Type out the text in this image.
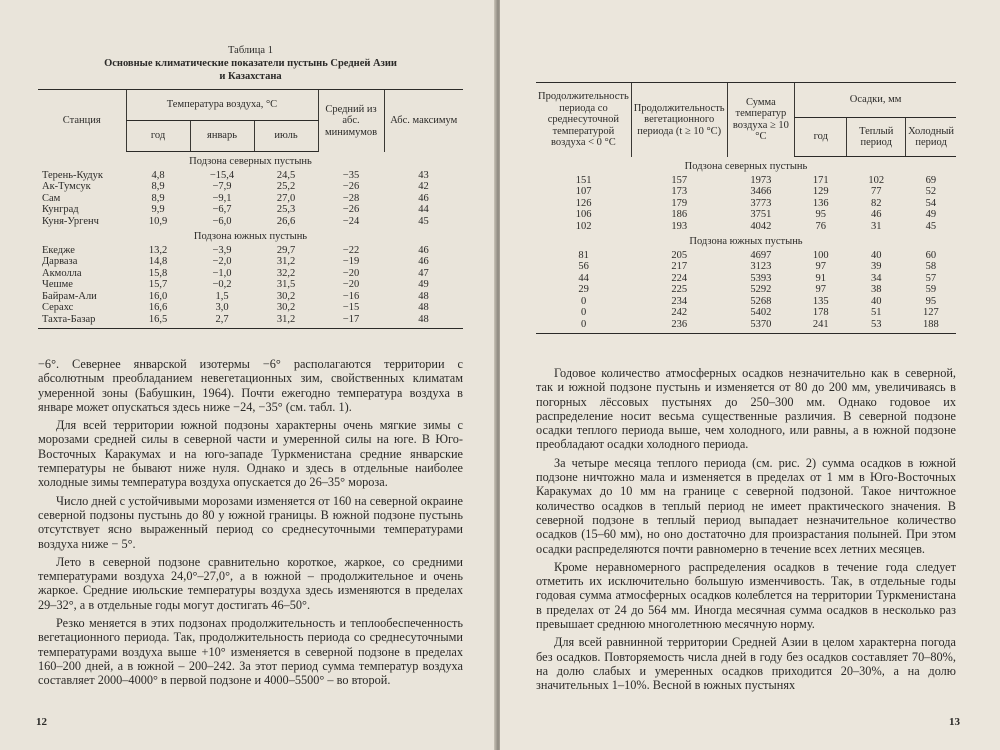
Таблица 1

Основные климатические показатели пустынь Средней Азии

и Казахстана

Станция	Температура воздуха, °С			Средний из абс. минимумов	Абс. максимум
	год	январь	июль		
Подзона северных пустынь					
Терень-Кудук	4,8	−15,4	24,5	−35	43
Ак-Тумсук	8,9	−7,9	25,2	−26	42
Сам	8,9	−9,1	27,0	−28	46
Кунград	9,9	−6,7	25,3	−26	44
Куня-Ургенч	10,9	−6,0	26,6	−24	45
Подзона южных пустынь					
Екедже	13,2	−3,9	29,7	−22	46
Дарваза	14,8	−2,0	31,2	−19	46
Акмолла	15,8	−1,0	32,2	−20	47
Чешме	15,7	−0,2	31,5	−20	49
Байрам-Али	16,0	1,5	30,2	−16	48
Серахс	16,6	3,0	30,2	−15	48
Тахта-Базар	16,5	2,7	31,2	−17	48

−6°. Севернее январской изотермы −6° располагаются территории с абсолютным преобладанием невегетационных зим, свойственных климатам умеренной зоны (Бабушкин, 1964). Почти ежегодно температура воздуха в январе может опускаться здесь ниже −24, −35° (см. табл. 1).

Для всей территории южной подзоны характерны очень мягкие зимы с морозами средней силы в северной части и умеренной силы на юге. В Юго-Восточных Каракумах и на юго-западе Туркменистана средние январские температуры не бывают ниже нуля. Однако и здесь в отдельные наиболее холодные зимы температура воздуха опускается до 26–35° мороза.

Число дней с устойчивыми морозами изменяется от 160 на северной окраине северной подзоны пустынь до 80 у южной границы. В южной подзоне пустынь отсутствует ясно выраженный период со среднесуточными температурами воздуха ниже − 5°.

Лето в северной подзоне сравнительно короткое, жаркое, со средними температурами воздуха 24,0°–27,0°, а в южной – продолжительное и очень жаркое. Средние июльские температуры воздуха здесь изменяются в пределах 29–32°, а в отдельные годы могут достигать 46–50°.

Резко меняется в этих подзонах продолжительность и теплообеспеченность вегетационного периода. Так, продолжительность периода со среднесуточными температурами воздуха выше +10° изменяется в северной подзоне в пределах 160–200 дней, а в южной – 200–242. За этот период сумма температур воздуха составляет 2000–4000° в первой подзоне и 4000–5500° – во второй.

12
Продолжительность периода со среднесуточной температурой воздуха < 0 °С	Продолжительность вегетационного периода (t ≥ 10 °С)	Сумма температур воздуха ≥ 10 °С	Осадки, мм		
			год	Теплый период	Холодный период
Подзона северных пустынь					
151	157	1973	171	102	69
107	173	3466	129	77	52
126	179	3773	136	82	54
106	186	3751	95	46	49
102	193	4042	76	31	45
Подзона южных пустынь					
81	205	4697	100	40	60
56	217	3123	97	39	58
44	224	5393	91	34	57
29	225	5292	97	38	59
0	234	5268	135	40	95
0	242	5402	178	51	127
0	236	5370	241	53	188

Годовое количество атмосферных осадков незначительно как в северной, так и южной подзоне пустынь и изменяется от 80 до 200 мм, увеличиваясь в погорных лёссовых пустынях до 250–300 мм. Однако годовое их распределение носит весьма существенные различия. В северной подзоне осадки теплого периода выше, чем холодного, или равны, а в южной подзоне преобладают осадки холодного периода.

За четыре месяца теплого периода (см. рис. 2) сумма осадков в южной подзоне ничтожно мала и изменяется в пределах от 1 мм в Юго-Восточных Каракумах до 10 мм на границе с северной подзоной. Такое ничтожное количество осадков в теплый период не имеет практического значения. В северной подзоне в теплый период выпадает незначительное количество осадков (15–60 мм), но оно достаточно для произрастания полыней. При этом осадки распределяются почти равномерно в течение всех летних месяцев.

Кроме неравномерного распределения осадков в течение года следует отметить их исключительно большую изменчивость. Так, в отдельные годы годовая сумма атмосферных осадков колеблется на территории Туркменистана в пределах от 24 до 564 мм. Иногда месячная сумма осадков в несколько раз превышает среднюю многолетнюю месячную норму.

Для всей равнинной территории Средней Азии в целом характерна погода без осадков. Повторяемость числа дней в году без осадков составляет 70–80%, на долю слабых и умеренных осадков приходится 20–30%, а на долю значительных 1–10%. Весной в южных пустынях

13
